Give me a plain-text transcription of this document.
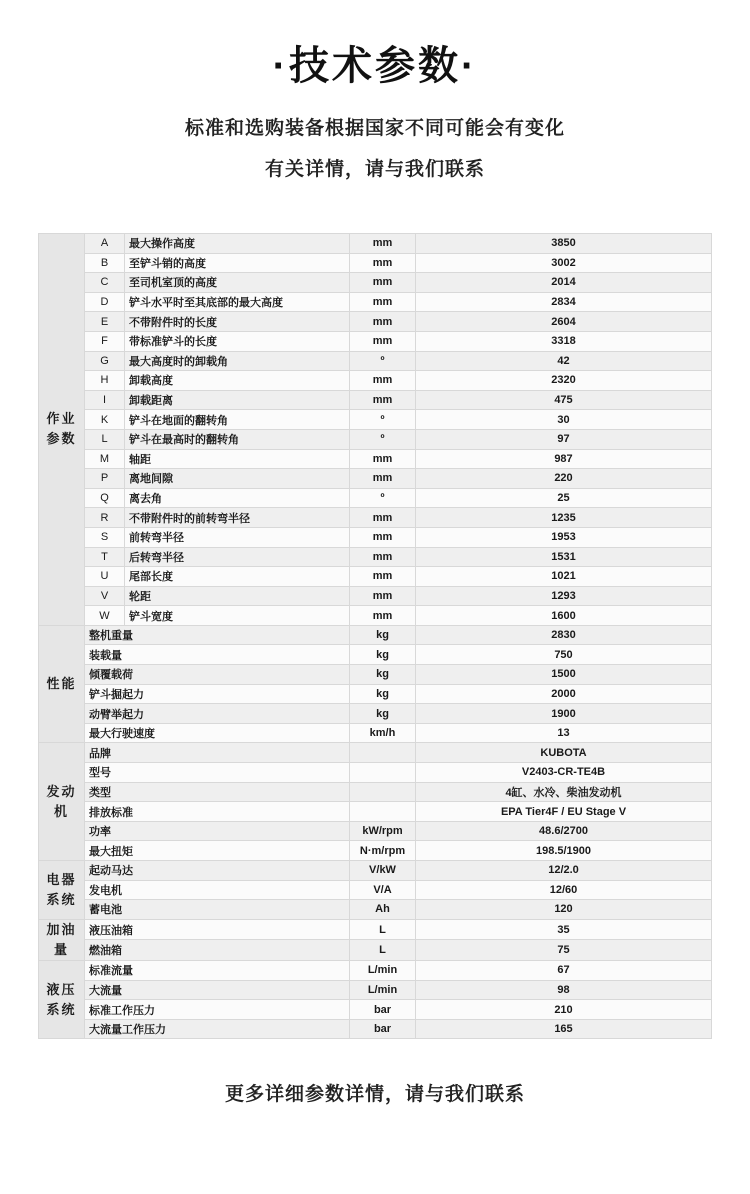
·技术参数·
标准和选购装备根据国家不同可能会有变化
有关详情，请与我们联系
作​业​参​数	A	最大操作高度	mm	3850
	B	至铲斗销的高度	mm	3002
	C	至司机室顶的高度	mm	2014
	D	铲斗水平时至其底部的最大高度	mm	2834
	E	不带附件时的长度	mm	2604
	F	带标准铲斗的长度	mm	3318
	G	最大高度时的卸载角	º	42
	H	卸载高度	mm	2320
	I	卸载距离	mm	475
	K	铲斗在地面的翻转角	º	30
	L	铲斗在最高时的翻转角	º	97
	M	轴距	mm	987
	P	离地间隙	mm	220
	Q	离去角	º	25
	R	不带附件时的前转弯半径	mm	1235
	S	前转弯半径	mm	1953
	T	后转弯半径	mm	1531
	U	尾部长度	mm	1021
	V	轮距	mm	1293
	W	铲斗宽度	mm	1600
性​能	整机重量		kg	2830
	装载量		kg	750
	倾覆载荷		kg	1500
	铲斗掘起力		kg	2000
	动臂举起力		kg	1900
	最大行驶速度		km/h	13
发​动​机	品牌			KUBOTA
	型号			V2403-CR-TE4B
	类型			4缸、水冷、柴油发动机
	排放标准			EPA Tier4F / EU Stage V
	功率		kW/rpm	48.6/2700
	最大扭矩		N·m/rpm	198.5/1900
电​器​系​统	起动马达		V/kW	12/2.0
	发电机		V/A	12/60
	蓄电池		Ah	120
加​油​量	液压油箱		L	35
	燃油箱		L	75
液​压​系​统	标准流量		L/min	67
	大流量		L/min	98
	标准工作压力		bar	210
	大流量工作压力		bar	165
更多详细参数详情，请与我们联系
